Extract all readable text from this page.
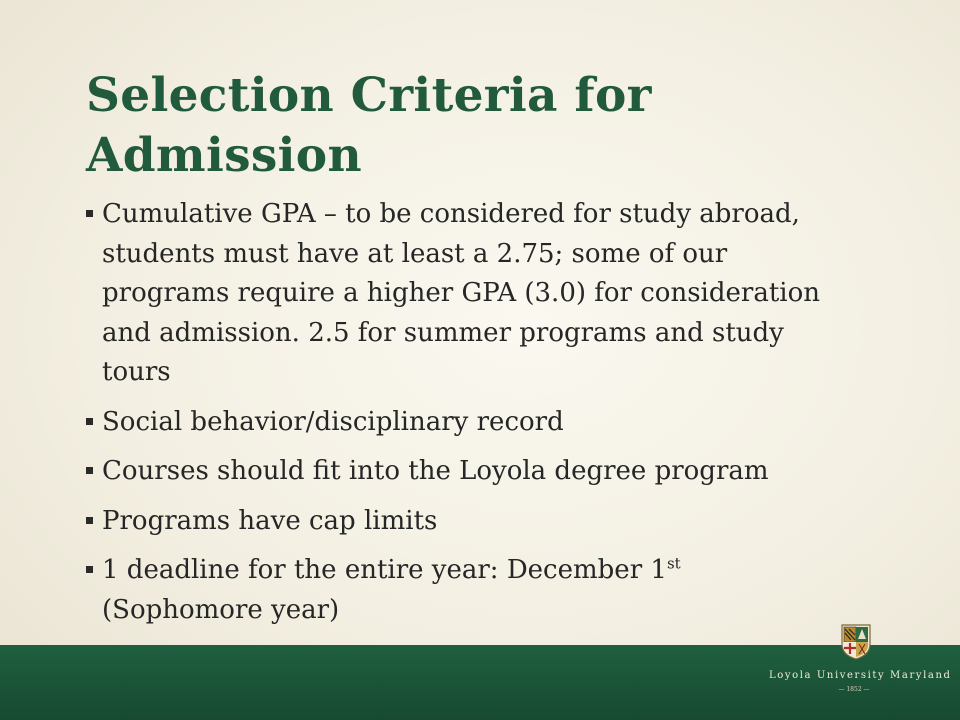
Selection Criteria for Admission
Cumulative GPA – to be considered for study abroad, students must have at least a 2.75; some of our programs require a higher GPA (3.0) for consideration and admission. 2.5 for summer programs and study tours
Social behavior/disciplinary record
Courses should fit into the Loyola degree program
Programs have cap limits
1 deadline for the entire year: December 1st
(Sophomore year)
Loyola University Maryland
— 1852 —
